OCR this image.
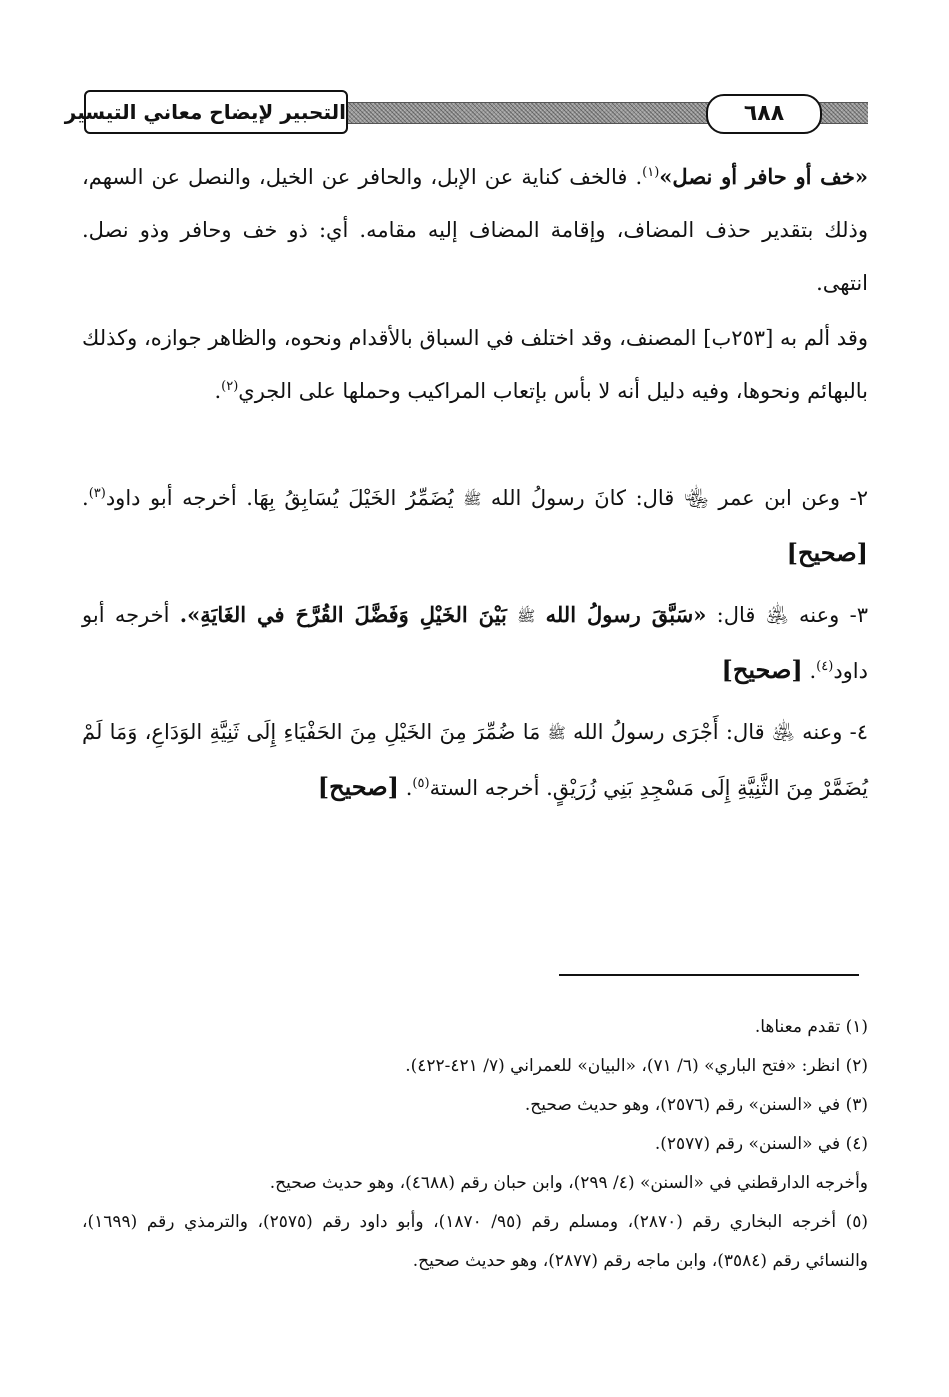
٦٨٨
التحبير لإيضاح معاني التيسير

«خف أو حافر أو نصل»$^{(١)}$. فالخف كناية عن الإبل، والحافر عن الخيل، والنصل عن السهم، وذلك بتقدير حذف المضاف، وإقامة المضاف إليه مقامه. أي: ذو خف وحافر وذو نصل. انتهى.

وقد ألم به [٢٥٣ب] المصنف، وقد اختلف في السباق بالأقدام ونحوه، والظاهر جوازه، وكذلك بالبهائم ونحوها، وفيه دليل أنه لا بأس بإتعاب المراكيب وحملها على الجري$^{(٢)}$.

٢- وعن ابن عمر ﵄ قال: كانَ رسولُ الله ﷺ يُضَمِّرُ الخَيْلَ يُسَابِقُ بِهَا. أخرجه أبو داود$^{(٣)}$. [صحيح]

٣- وعنه ﵁ قال: «سَبَّقَ رسولُ الله ﷺ بَيْنَ الخَيْلِ وَفَضَّلَ القُرَّحَ في الغَايَةِ». أخرجه أبو داود$^{(٤)}$. [صحيح]

٤- وعنه ﵁ قال: أَجْرَى رسولُ الله ﷺ مَا ضُمِّرَ مِنَ الخَيْلِ مِنَ الحَفْيَاءِ إِلَى ثَنِيَّةِ الوَدَاعِ، وَمَا لَمْ يُضَمَّرْ مِنَ الثَّنِيَّةِ إِلَى مَسْجِدِ بَنِي زُرَيْقٍ. أخرجه الستة$^{(٥)}$. [صحيح]

(١) تقدم معناها.

(٢) انظر: «فتح الباري» (٦/ ٧١)، «البيان» للعمراني (٧/ ٤٢١-٤٢٢).

(٣) في «السنن» رقم (٢٥٧٦)، وهو حديث صحيح.

(٤) في «السنن» رقم (٢٥٧٧).

وأخرجه الدارقطني في «السنن» (٤/ ٢٩٩)، وابن حبان رقم (٤٦٨٨)، وهو حديث صحيح.

(٥) أخرجه البخاري رقم (٢٨٧٠)، ومسلم رقم (٩٥/ ١٨٧٠)، وأبو داود رقم (٢٥٧٥)، والترمذي رقم (١٦٩٩)، والنسائي رقم (٣٥٨٤)، وابن ماجه رقم (٢٨٧٧)، وهو حديث صحيح.
